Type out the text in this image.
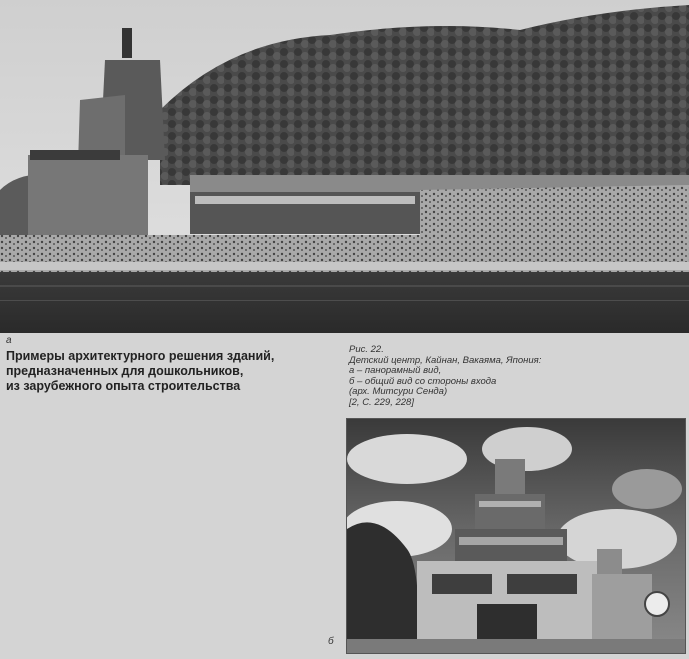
а
Примеры архитектурного решения зданий,
предназначенных для дошкольников,
из зарубежного опыта строительства
Рис. 22.
Детский центр, Кайнан, Вакаяма, Япония:
а – панорамный вид,
б – общий вид со стороны входа
(арх. Митсури Сенда)
[2, С. 229, 228]
б
